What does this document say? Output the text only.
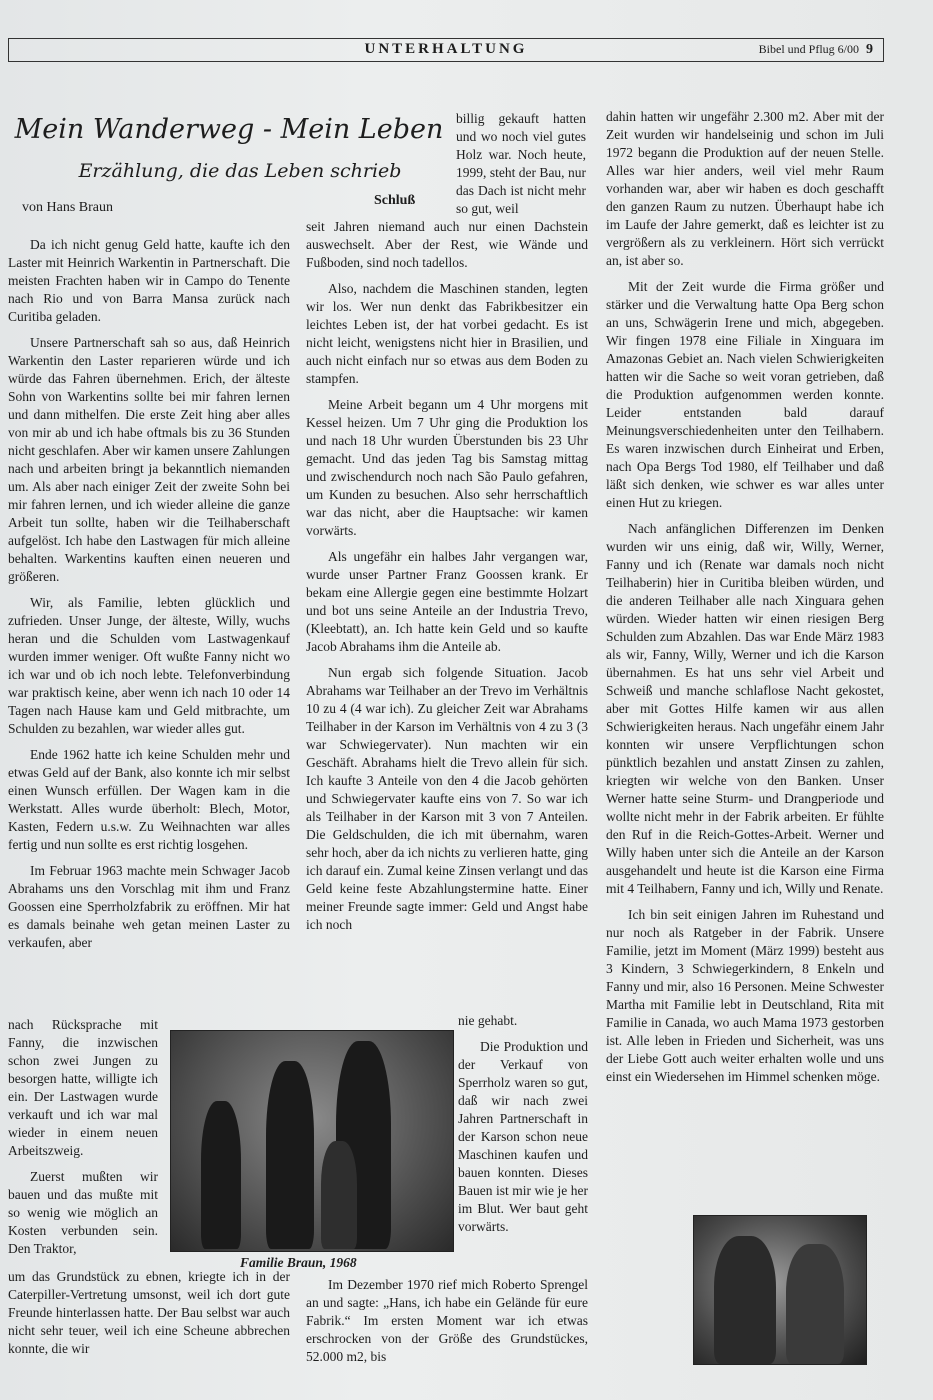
UNTERHALTUNG	Bibel und Pflug 6/00 9
Mein Wanderweg - Mein Leben
Erzählung, die das Leben schrieb
von Hans Braun	Schluß

Da ich nicht genug Geld hatte, kaufte ich den Laster mit Heinrich Warkentin in Partnerschaft. Die meisten Frachten haben wir in Campo do Tenente nach Rio und von Barra Mansa zurück nach Curitiba geladen.

Unsere Partnerschaft sah so aus, daß Heinrich Warkentin den Laster reparieren würde und ich würde das Fahren übernehmen. Erich, der älteste Sohn von Warkentins sollte bei mir fahren lernen und dann mithelfen. Die erste Zeit hing aber alles von mir ab und ich habe oftmals bis zu 36 Stunden nicht geschlafen. Aber wir kamen unsere Zahlungen nach und arbeiten bringt ja bekanntlich niemanden um. Als aber nach einiger Zeit der zweite Sohn bei mir fahren lernen, und ich wieder alleine die ganze Arbeit tun sollte, haben wir die Teilhaberschaft aufgelöst. Ich habe den Lastwagen für mich alleine behalten. Warkentins kauften einen neueren und größeren.

Wir, als Familie, lebten glücklich und zufrieden. Unser Junge, der älteste, Willy, wuchs heran und die Schulden vom Lastwagenkauf wurden immer weniger. Oft wußte Fanny nicht wo ich war und ob ich noch lebte. Telefonverbindung war praktisch keine, aber wenn ich nach 10 oder 14 Tagen nach Hause kam und Geld mitbrachte, um Schulden zu bezahlen, war wieder alles gut.

Ende 1962 hatte ich keine Schulden mehr und etwas Geld auf der Bank, also konnte ich mir selbst einen Wunsch erfüllen. Der Wagen kam in die Werkstatt. Alles wurde überholt: Blech, Motor, Kasten, Federn u.s.w. Zu Weihnachten war alles fertig und nun sollte es erst richtig losgehen.

Im Februar 1963 machte mein Schwager Jacob Abrahams uns den Vorschlag mit ihm und Franz Goossen eine Sperrholzfabrik zu eröffnen. Mir hat es damals beinahe weh getan meinen Laster zu verkaufen, aber

nach Rücksprache mit Fanny, die inzwischen schon zwei Jungen zu besorgen hatte, willigte ich ein. Der Lastwagen wurde verkauft und ich war mal wieder in einem neuen Arbeitszweig.

Zuerst mußten wir bauen und das mußte mit so wenig wie möglich an Kosten verbunden sein. Den Traktor,

um das Grundstück zu ebnen, kriegte ich in der Caterpiller-Vertretung umsonst, weil ich dort gute Freunde hinterlassen hatte. Der Bau selbst war auch nicht sehr teuer, weil ich eine Scheune abbrechen konnte, die wir

Familie Braun, 1968

billig gekauft hatten und wo noch viel gutes Holz war. Noch heute, 1999, steht der Bau, nur das Dach ist nicht mehr so gut, weil

seit Jahren niemand auch nur einen Dachstein auswechselt. Aber der Rest, wie Wände und Fußboden, sind noch tadellos.

Also, nachdem die Maschinen standen, legten wir los. Wer nun denkt das Fabrikbesitzer ein leichtes Leben ist, der hat vorbei gedacht. Es ist nicht leicht, wenigstens nicht hier in Brasilien, und auch nicht einfach nur so etwas aus dem Boden zu stampfen.

Meine Arbeit begann um 4 Uhr morgens mit Kessel heizen. Um 7 Uhr ging die Produktion los und nach 18 Uhr wurden Überstunden bis 23 Uhr gemacht. Und das jeden Tag bis Samstag mittag und zwischendurch noch nach São Paulo gefahren, um Kunden zu besuchen. Also sehr herrschaftlich war das nicht, aber die Hauptsache: wir kamen vorwärts.

Als ungefähr ein halbes Jahr vergangen war, wurde unser Partner Franz Goossen krank. Er bekam eine Allergie gegen eine bestimmte Holzart und bot uns seine Anteile an der Industria Trevo, (Kleebtatt), an. Ich hatte kein Geld und so kaufte Jacob Abrahams ihm die Anteile ab.

Nun ergab sich folgende Situation. Jacob Abrahams war Teilhaber an der Trevo im Verhältnis 10 zu 4 (4 war ich). Zu gleicher Zeit war Abrahams Teilhaber in der Karson im Verhältnis von 4 zu 3 (3 war Schwiegervater). Nun machten wir ein Geschäft. Abrahams hielt die Trevo allein für sich. Ich kaufte 3 Anteile von den 4 die Jacob gehörten und Schwiegervater kaufte eins von 7. So war ich als Teilhaber in der Karson mit 3 von 7 Anteilen. Die Geldschulden, die ich mit übernahm, waren sehr hoch, aber da ich nichts zu verlieren hatte, ging ich darauf ein. Zumal keine Zinsen verlangt und das Geld keine feste Abzahlungstermine hatte. Einer meiner Freunde sagte immer: Geld und Angst habe ich noch

nie gehabt.

Die Produktion und der Verkauf von Sperrholz waren so gut, daß wir nach zwei Jahren Partnerschaft in der Karson schon neue Maschinen kaufen und bauen konnten. Dieses Bauen ist mir wie je her im Blut. Wer baut geht vorwärts.

Im Dezember 1970 rief mich Roberto Sprengel an und sagte: „Hans, ich habe ein Gelände für eure Fabrik.“ Im ersten Moment war ich etwas erschrocken von der Größe des Grundstückes, 52.000 m2, bis

dahin hatten wir ungefähr 2.300 m2. Aber mit der Zeit wurden wir handelseinig und schon im Juli 1972 begann die Produktion auf der neuen Stelle. Alles war hier anders, weil viel mehr Raum vorhanden war, aber wir haben es doch geschafft den ganzen Raum zu nutzen. Überhaupt habe ich im Laufe der Jahre gemerkt, daß es leichter ist zu vergrößern als zu verkleinern. Hört sich verrückt an, ist aber so.

Mit der Zeit wurde die Firma größer und stärker und die Verwaltung hatte Opa Berg schon an uns, Schwägerin Irene und mich, abgegeben. Wir fingen 1978 eine Filiale in Xinguara im Amazonas Gebiet an. Nach vielen Schwierigkeiten hatten wir die Sache so weit voran getrieben, daß die Produktion aufgenommen werden konnte. Leider entstanden bald darauf Meinungsverschiedenheiten unter den Teilhabern. Es waren inzwischen durch Einheirat und Erben, nach Opa Bergs Tod 1980, elf Teilhaber und daß läßt sich denken, wie schwer es war alles unter einen Hut zu kriegen.

Nach anfänglichen Differenzen im Denken wurden wir uns einig, daß wir, Willy, Werner, Fanny und ich (Renate war damals noch nicht Teilhaberin) hier in Curitiba bleiben würden, und die anderen Teilhaber alle nach Xinguara gehen würden. Wieder hatten wir einen riesigen Berg Schulden zum Abzahlen. Das war Ende März 1983 als wir, Fanny, Willy, Werner und ich die Karson übernahmen. Es hat uns sehr viel Arbeit und Schweiß und manche schlaflose Nacht gekostet, aber mit Gottes Hilfe kamen wir aus allen Schwierigkeiten heraus. Nach ungefähr einem Jahr konnten wir unsere Verpflichtungen schon pünktlich bezahlen und anstatt Zinsen zu zahlen, kriegten wir welche von den Banken. Unser Werner hatte seine Sturm- und Drangperiode und wollte nicht mehr in der Fabrik arbeiten. Er fühlte den Ruf in die Reich-Gottes-Arbeit. Werner und Willy haben unter sich die Anteile an der Karson ausgehandelt und heute ist die Karson eine Firma mit 4 Teilhabern, Fanny und ich, Willy und Renate.

Ich bin seit einigen Jahren im Ruhestand und nur noch als Ratgeber in der Fabrik. Unsere Familie, jetzt im Moment (März 1999) besteht aus 3 Kindern, 3 Schwiegerkindern, 8 Enkeln und Fanny und mir, also 16 Personen. Meine Schwester Martha mit Familie lebt in Deutschland, Rita mit Familie in Canada, wo auch Mama 1973 gestorben ist. Alle leben in Frieden und Sicherheit, was uns der Liebe Gott auch weiter erhalten wolle und uns einst ein Wiedersehen im Himmel schenken möge.
